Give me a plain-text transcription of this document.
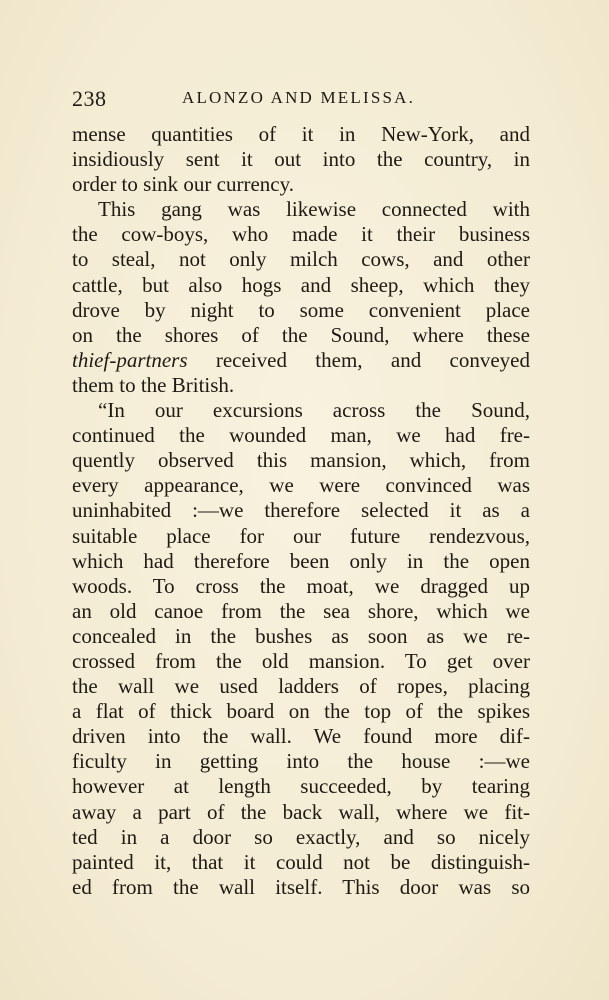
238	ALONZO AND MELISSA.
mense quantities of it in New-York, and
insidiously sent it out into the country, in
order to sink our currency.
This gang was likewise connected with
the cow-boys, who made it their business
to steal, not only milch cows, and other
cattle, but also hogs and sheep, which they
drove by night to some convenient place
on the shores of the Sound, where these
thief-partners received them, and conveyed
them to the British.
“In our excursions across the Sound,
continued the wounded man, we had fre-
quently observed this mansion, which, from
every appearance, we were convinced was
uninhabited :—we therefore selected it as a
suitable place for our future rendezvous,
which had therefore been only in the open
woods. To cross the moat, we dragged up
an old canoe from the sea shore, which we
concealed in the bushes as soon as we re-
crossed from the old mansion. To get over
the wall we used ladders of ropes, placing
a flat of thick board on the top of the spikes
driven into the wall. We found more dif-
ficulty in getting into the house :—we
however at length succeeded, by tearing
away a part of the back wall, where we fit-
ted in a door so exactly, and so nicely
painted it, that it could not be distinguish-
ed from the wall itself. This door was so
